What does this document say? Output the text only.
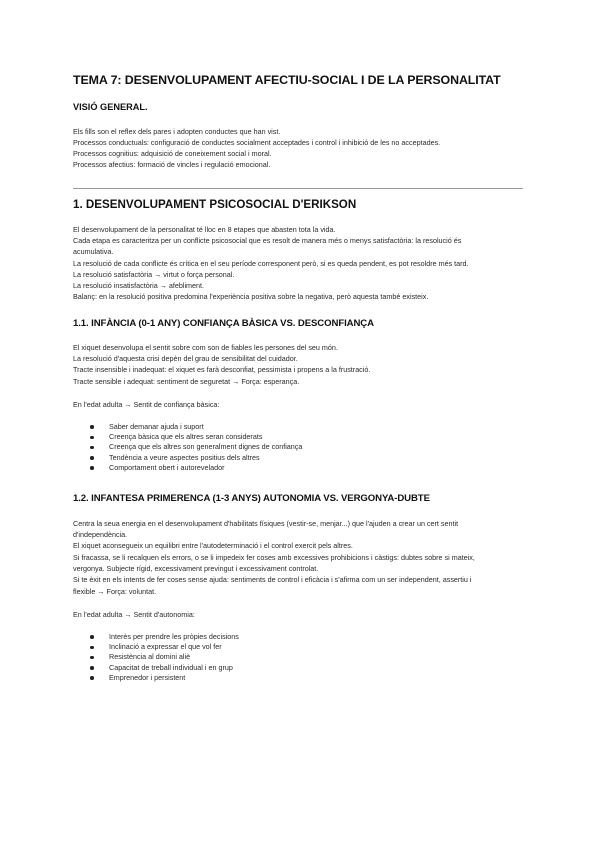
TEMA 7: DESENVOLUPAMENT AFECTIU-SOCIAL I DE LA PERSONALITAT
VISIÓ GENERAL.

Els fills son el reflex dels pares i adopten conductes que han vist.

Processos conductuals: configuració de conductes socialment acceptades i control i inhibició de les no acceptades.

Processos cognitius: adquisició de coneixement social i moral.

Processos afectius: formació de vincles i regulació emocional.

1. DESENVOLUPAMENT PSICOSOCIAL D'ERIKSON

El desenvolupament de la personalitat té lloc en 8 etapes que abasten tota la vida.

Cada etapa es caracteritza per un conflicte psicosocial que es resolt de manera més o menys satisfactòria: la resolució és

acumulativa.

La resolució de cada conflicte és crítica en el seu període corresponent però, si es queda pendent, es pot resoldre més tard.

La resolució satisfactòria → virtut o força personal.

La resolució insatisfactòria → afebliment.

Balanç: en la resolució positiva predomina l'experiència positiva sobre la negativa, però aquesta també existeix.

1.1. INFÀNCIA (0-1 ANY) CONFIANÇA BÀSICA VS. DESCONFIANÇA

El xiquet desenvolupa el sentit sobre com son de fiables les persones del seu món.

La resolució d'aquesta crisi depèn del grau de sensibilitat del cuidador.

Tracte insensible i inadequat: el xiquet es farà desconfiat, pessimista i propens a la frustració.

Tracte sensible i adequat: sentiment de seguretat → Força: esperança.

En l'edat adulta → Sentit de confiança bàsica:

Saber demanar ajuda i suport
Creença bàsica que els altres seran considerats
Creença que els altres son generalment dignes de confiança
Tendència a veure aspectes positius dels altres
Comportament obert i autorevelador
1.2. INFANTESA PRIMERENCA (1-3 ANYS) AUTONOMIA VS. VERGONYA-DUBTE

Centra la seua energia en el desenvolupament d'habilitats físiques (vestir-se, menjar...) que l'ajuden a crear un cert sentit

d'independència.

El xiquet aconsegueix un equilibri entre l'autodeterminació i el control exercit pels altres.

Si fracassa, se li recalquen els errors, o se li impedeix fer coses amb excessives prohibicions i càstigs: dubtes sobre si mateix,

vergonya. Subjecte rígid, excessivament previngut i excessivament controlat.

Si te èxit en els intents de fer coses sense ajuda: sentiments de control i eficàcia i s'afirma com un ser independent, assertiu i

flexible → Força: voluntat.

En l'edat adulta → Sentit d'autonomia:

Interès per prendre les pròpies decisions
Inclinació a expressar el que vol fer
Resistència al domini aliè
Capacitat de treball individual i en grup
Emprenedor i persistent
